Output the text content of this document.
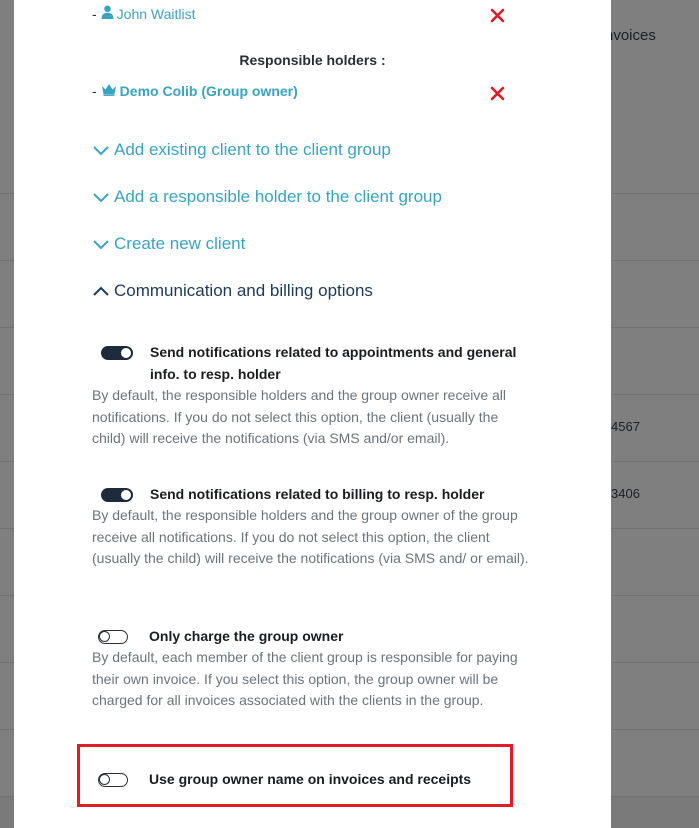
- John Waitlist
Responsible holders :
- Demo Colib (Group owner)
Add existing client to the client group
Add a responsible holder to the client group
Create new client
Communication and billing options
Send notifications related to appointments and general info. to resp. holder
By default, the responsible holders and the group owner receive all notifications. If you do not select this option, the client (usually the child) will receive the notifications (via SMS and/or email).
Send notifications related to billing to resp. holder
By default, the responsible holders and the group owner of the group receive all notifications. If you do not select this option, the client (usually the child) will receive the notifications (via SMS and/ or email).
Only charge the group owner
By default, each member of the client group is responsible for paying their own invoice. If you select this option, the group owner will be charged for all invoices associated with the clients in the group.
Use group owner name on invoices and receipts
